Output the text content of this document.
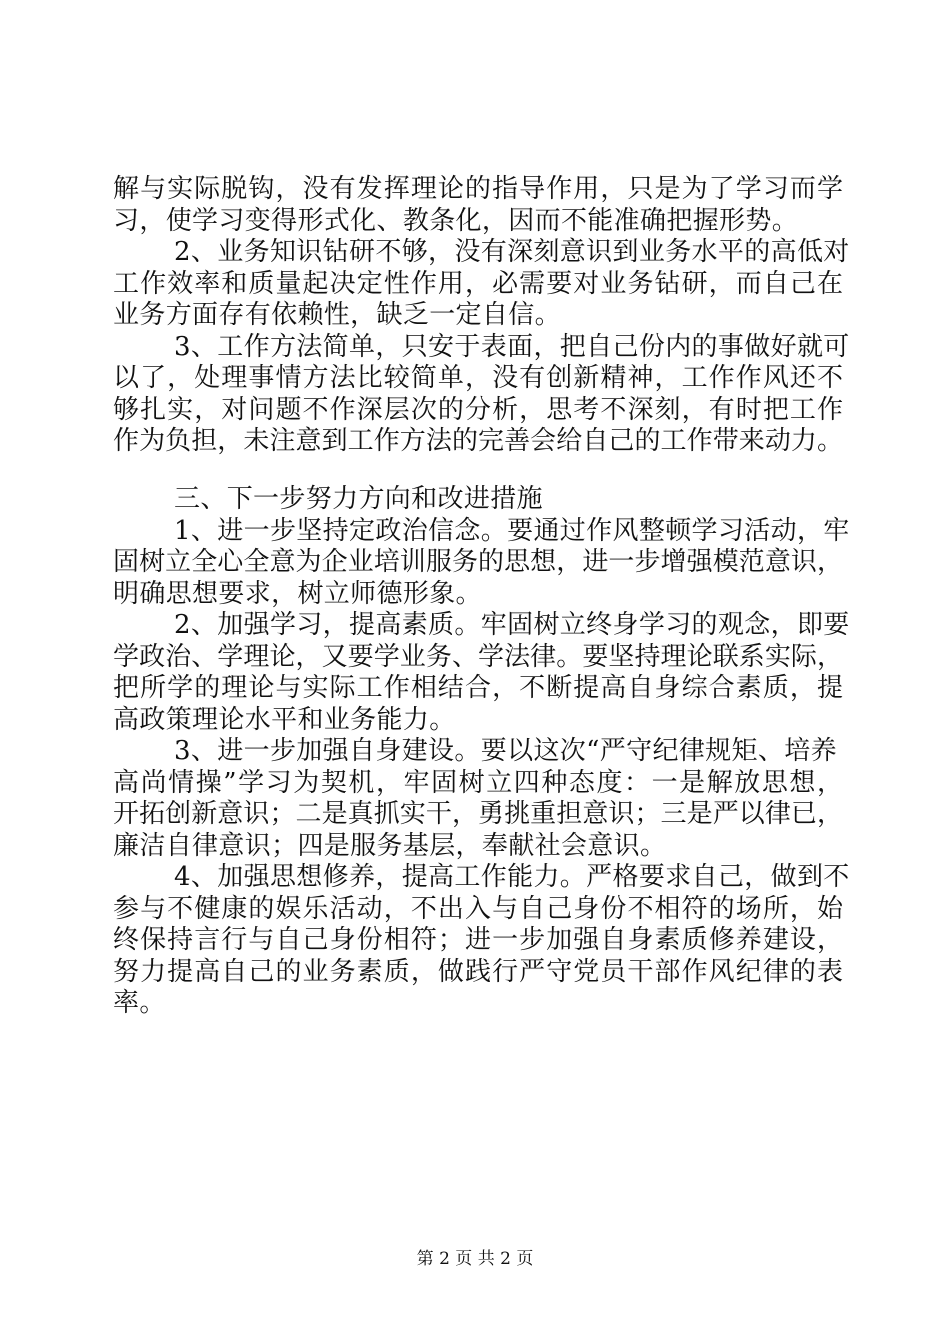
解与实际脱钩，没有发挥理论的指导作用，只是为了学习而学
习，使学习变得形式化、教条化，因而不能准确把握形势。
2、业务知识钻研不够，没有深刻意识到业务水平的高低对
工作效率和质量起决定性作用，必需要对业务钻研，而自己在
业务方面存有依赖性，缺乏一定自信。
3、工作方法简单，只安于表面，把自己份内的事做好就可
以了，处理事情方法比较简单，没有创新精神，工作作风还不
够扎实，对问题不作深层次的分析，思考不深刻，有时把工作
作为负担，未注意到工作方法的完善会给自己的工作带来动力。
三、下一步努力方向和改进措施
1、进一步坚持定政治信念。要通过作风整顿学习活动，牢
固树立全心全意为企业培训服务的思想，进一步增强模范意识，
明确思想要求，树立师德形象。
2、加强学习，提高素质。牢固树立终身学习的观念，即要
学政治、学理论，又要学业务、学法律。要坚持理论联系实际，
把所学的理论与实际工作相结合，不断提高自身综合素质，提
高政策理论水平和业务能力。
3、进一步加强自身建设。要以这次“严守纪律规矩、培养
高尚情操”学习为契机，牢固树立四种态度：一是解放思想，
开拓创新意识；二是真抓实干，勇挑重担意识；三是严以律已，
廉洁自律意识；四是服务基层，奉献社会意识。
4、加强思想修养，提高工作能力。严格要求自己，做到不
参与不健康的娱乐活动，不出入与自己身份不相符的场所，始
终保持言行与自己身份相符；进一步加强自身素质修养建设，
努力提高自己的业务素质，做践行严守党员干部作风纪律的表
率。
第 2 页 共 2 页
